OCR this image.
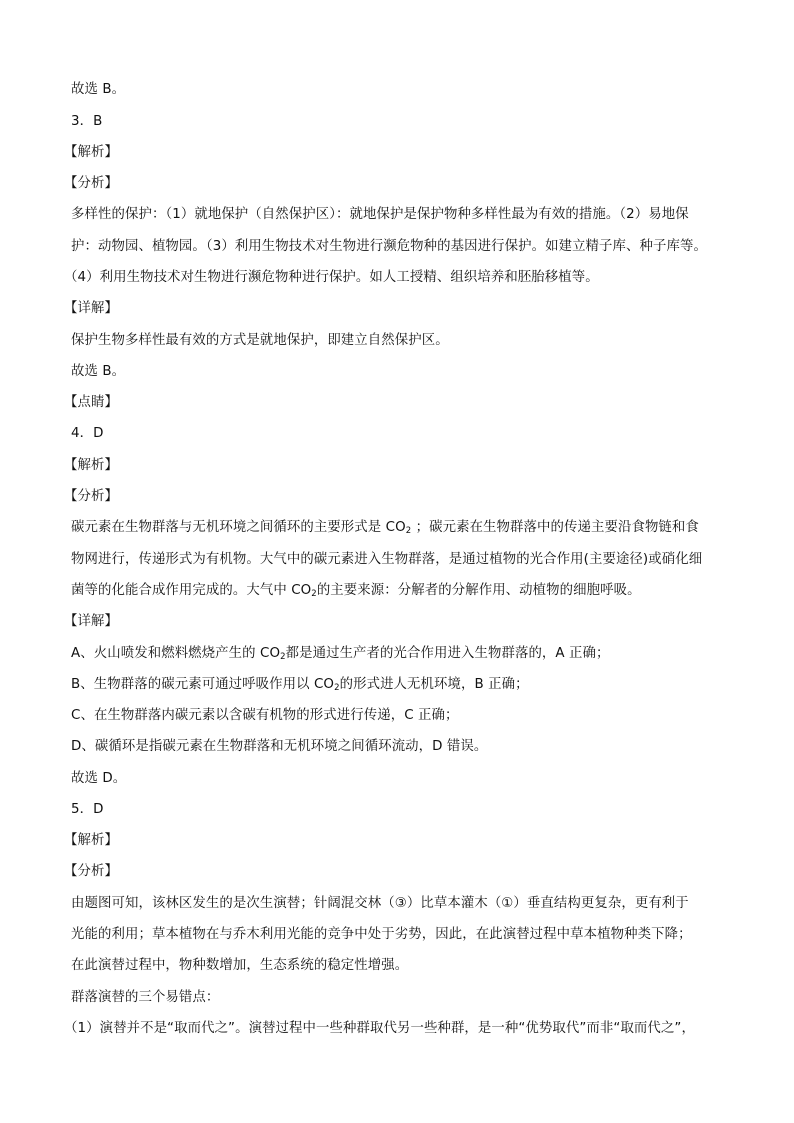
故选 B。
3．B
【解析】
【分析】
多样性的保护：（1）就地保护（自然保护区）：就地保护是保护物种多样性最为有效的措施。（2）易地保
护：动物园、植物园。（3）利用生物技术对生物进行濒危物种的基因进行保护。如建立精子库、种子库等。
（4）利用生物技术对生物进行濒危物种进行保护。如人工授精、组织培养和胚胎移植等。
【详解】
保护生物多样性最有效的方式是就地保护，即建立自然保护区。
故选 B。
【点睛】
4．D
【解析】
【分析】
碳元素在生物群落与无机环境之间循环的主要形式是 $CO_2$ ；碳元素在生物群落中的传递主要沿食物链和食
物网进行，传递形式为有机物。大气中的碳元素进入生物群落，是通过植物的光合作用(主要途径)或硝化细
菌等的化能合成作用完成的。大气中 $CO_2$的主要来源：分解者的分解作用、动植物的细胞呼吸。
【详解】
A、火山喷发和燃料燃烧产生的 $CO_2$都是通过生产者的光合作用进入生物群落的，A 正确；
B、生物群落的碳元素可通过呼吸作用以 $CO_2$的形式进人无机环境，B 正确；
C、在生物群落内碳元素以含碳有机物的形式进行传递，C 正确；
D、碳循环是指碳元素在生物群落和无机环境之间循环流动，D 错误。
故选 D。
5．D
【解析】
【分析】
由题图可知，该林区发生的是次生演替；针阔混交林（③）比草本灌木（①）垂直结构更复杂，更有利于
光能的利用；草本植物在与乔木利用光能的竞争中处于劣势，因此，在此演替过程中草本植物种类下降；
在此演替过程中，物种数增加，生态系统的稳定性增强。
群落演替的三个易错点：
（1）演替并不是“取而代之”。演替过程中一些种群取代另一些种群，是一种“优势取代”而非“取而代之”，
